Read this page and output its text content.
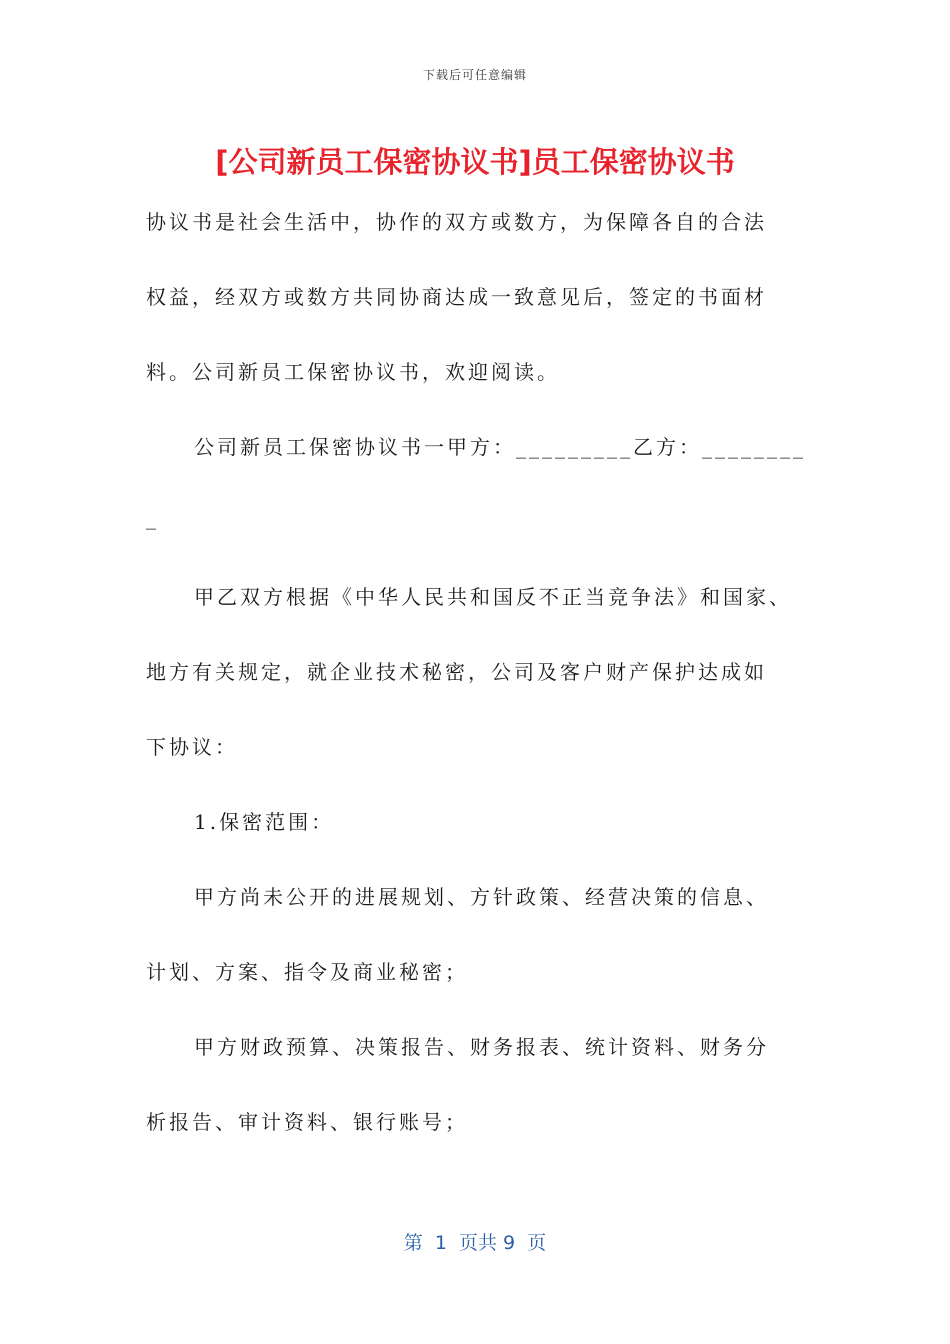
下载后可任意编辑
[公司新员工保密协议书]员工保密协议书
协议书是社会生活中，协作的双方或数方，为保障各自的合法
权益，经双方或数方共同协商达成一致意见后，签定的书面材
料。公司新员工保密协议书，欢迎阅读。
公司新员工保密协议书一甲方：_________乙方：________
_
甲乙双方根据《中华人民共和国反不正当竞争法》和国家、
地方有关规定，就企业技术秘密，公司及客户财产保护达成如
下协议：
1.保密范围：
甲方尚未公开的进展规划、方针政策、经营决策的信息、
计划、方案、指令及商业秘密；
甲方财政预算、决策报告、财务报表、统计资料、财务分
析报告、审计资料、银行账号；
第  1  页共 9  页
